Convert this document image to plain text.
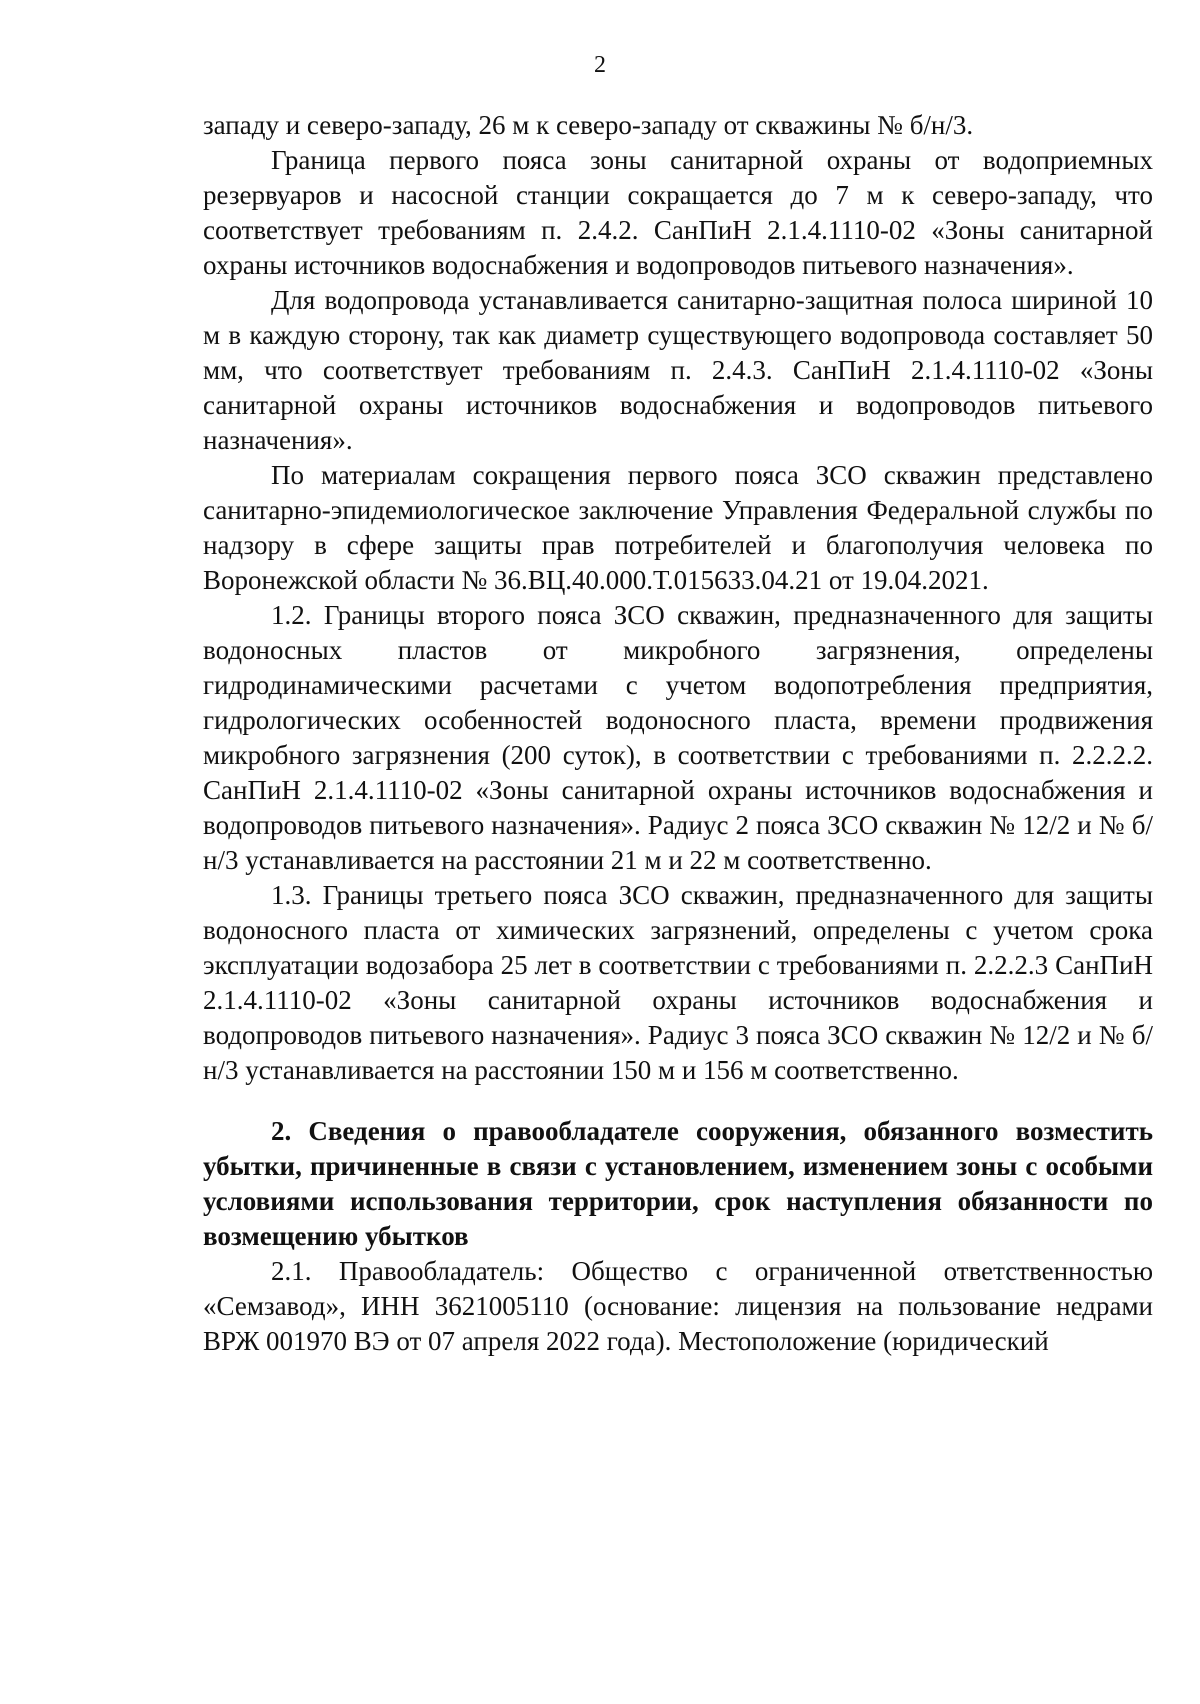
2

западу и северо-западу, 26 м к северо-западу от скважины № б/н/3.

Граница первого пояса зоны санитарной охраны от водоприемных резервуаров и насосной станции сокращается до 7 м к северо-западу, что соответствует требованиям п. 2.4.2. СанПиН 2.1.4.1110-02 «Зоны санитарной охраны источников водоснабжения и водопроводов питьевого назначения».

Для водопровода устанавливается санитарно-защитная полоса шириной 10 м в каждую сторону, так как диаметр существующего водопровода составляет 50 мм, что соответствует требованиям п. 2.4.3. СанПиН 2.1.4.1110-02 «Зоны санитарной охраны источников водоснабжения и водопроводов питьевого назначения».

По материалам сокращения первого пояса ЗСО скважин представлено санитарно-эпидемиологическое заключение Управления Федеральной службы по надзору в сфере защиты прав потребителей и благополучия человека по Воронежской области № 36.ВЦ.40.000.Т.015633.04.21 от 19.04.2021.

1.2. Границы второго пояса ЗСО скважин, предназначенного для защиты водоносных пластов от микробного загрязнения, определены гидродинамическими расчетами с учетом водопотребления предприятия, гидрологических особенностей водоносного пласта, времени продвижения микробного загрязнения (200 суток), в соответствии с требованиями п. 2.2.2.2. СанПиН 2.1.4.1110-02 «Зоны санитарной охраны источников водоснабжения и водопроводов питьевого назначения». Радиус 2 пояса ЗСО скважин № 12/2 и № б/н/3 устанавливается на расстоянии 21 м и 22 м соответственно.

1.3. Границы третьего пояса ЗСО скважин, предназначенного для защиты водоносного пласта от химических загрязнений, определены с учетом срока эксплуатации водозабора 25 лет в соответствии с требованиями п. 2.2.2.3 СанПиН 2.1.4.1110-02 «Зоны санитарной охраны источников водоснабжения и водопроводов питьевого назначения». Радиус 3 пояса ЗСО скважин № 12/2 и № б/н/3 устанавливается на расстоянии 150 м и 156 м соответственно.

2. Сведения о правообладателе сооружения, обязанного возместить убытки, причиненные в связи с установлением, изменением зоны с особыми условиями использования территории, срок наступления обязанности по возмещению убытков

2.1. Правообладатель: Общество с ограниченной ответственностью «Семзавод», ИНН 3621005110 (основание: лицензия на пользование недрами ВРЖ 001970 ВЭ от 07 апреля 2022 года). Местоположение (юридический
